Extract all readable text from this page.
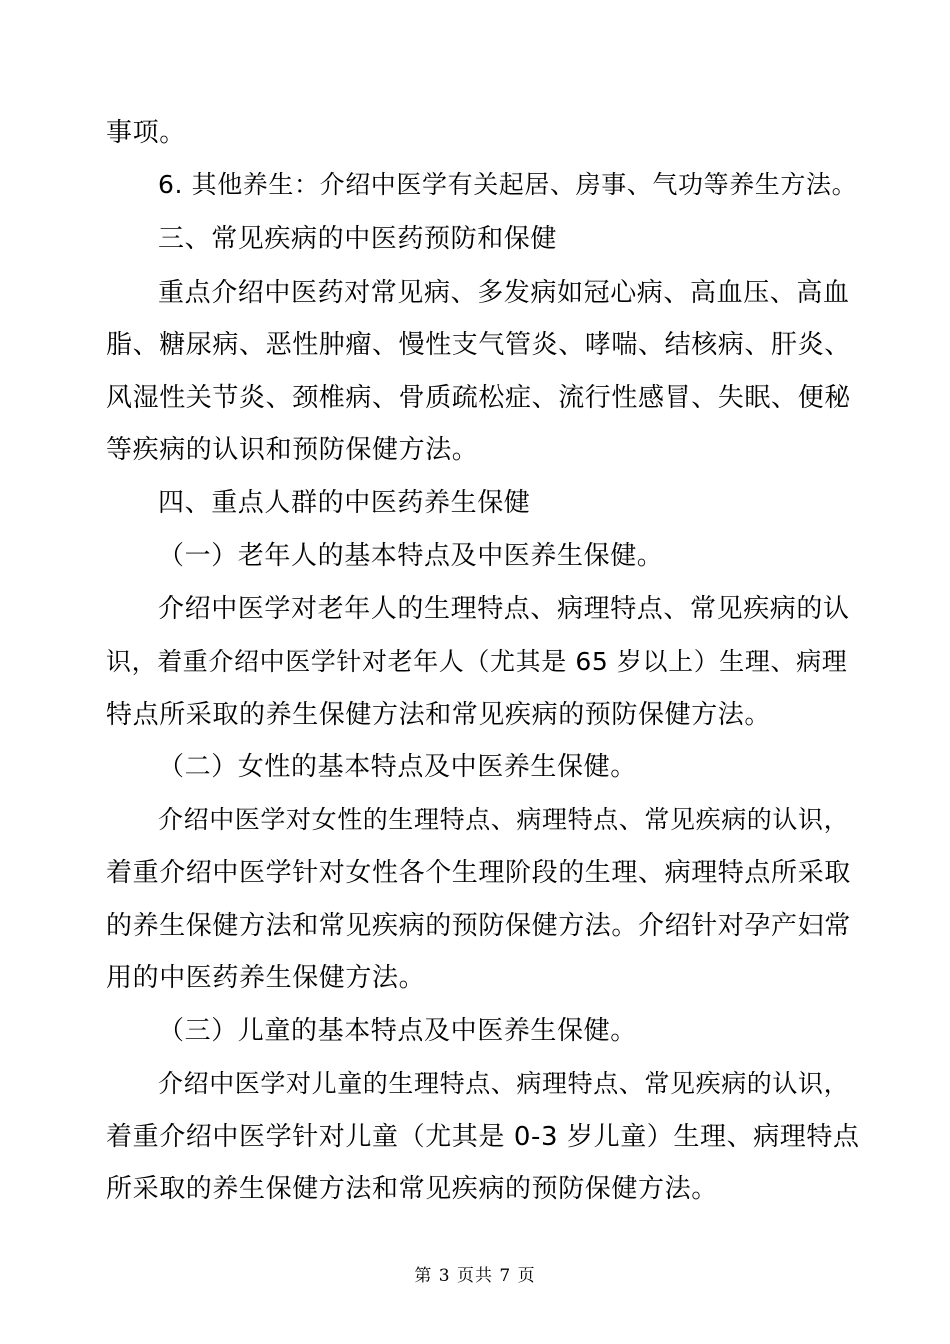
事项。
6. 其他养生：介绍中医学有关起居、房事、气功等养生方法。
三、常见疾病的中医药预防和保健
重点介绍中医药对常见病、多发病如冠心病、高血压、高血
脂、糖尿病、恶性肿瘤、慢性支气管炎、哮喘、结核病、肝炎、
风湿性关节炎、颈椎病、骨质疏松症、流行性感冒、失眠、便秘
等疾病的认识和预防保健方法。
四、重点人群的中医药养生保健
（一）老年人的基本特点及中医养生保健。
介绍中医学对老年人的生理特点、病理特点、常见疾病的认
识，着重介绍中医学针对老年人（尤其是 65 岁以上）生理、病理
特点所采取的养生保健方法和常见疾病的预防保健方法。
（二）女性的基本特点及中医养生保健。
介绍中医学对女性的生理特点、病理特点、常见疾病的认识，
着重介绍中医学针对女性各个生理阶段的生理、病理特点所采取
的养生保健方法和常见疾病的预防保健方法。介绍针对孕产妇常
用的中医药养生保健方法。
（三）儿童的基本特点及中医养生保健。
介绍中医学对儿童的生理特点、病理特点、常见疾病的认识，
着重介绍中医学针对儿童（尤其是 0-3 岁儿童）生理、病理特点
所采取的养生保健方法和常见疾病的预防保健方法。
第 3 页共 7 页
